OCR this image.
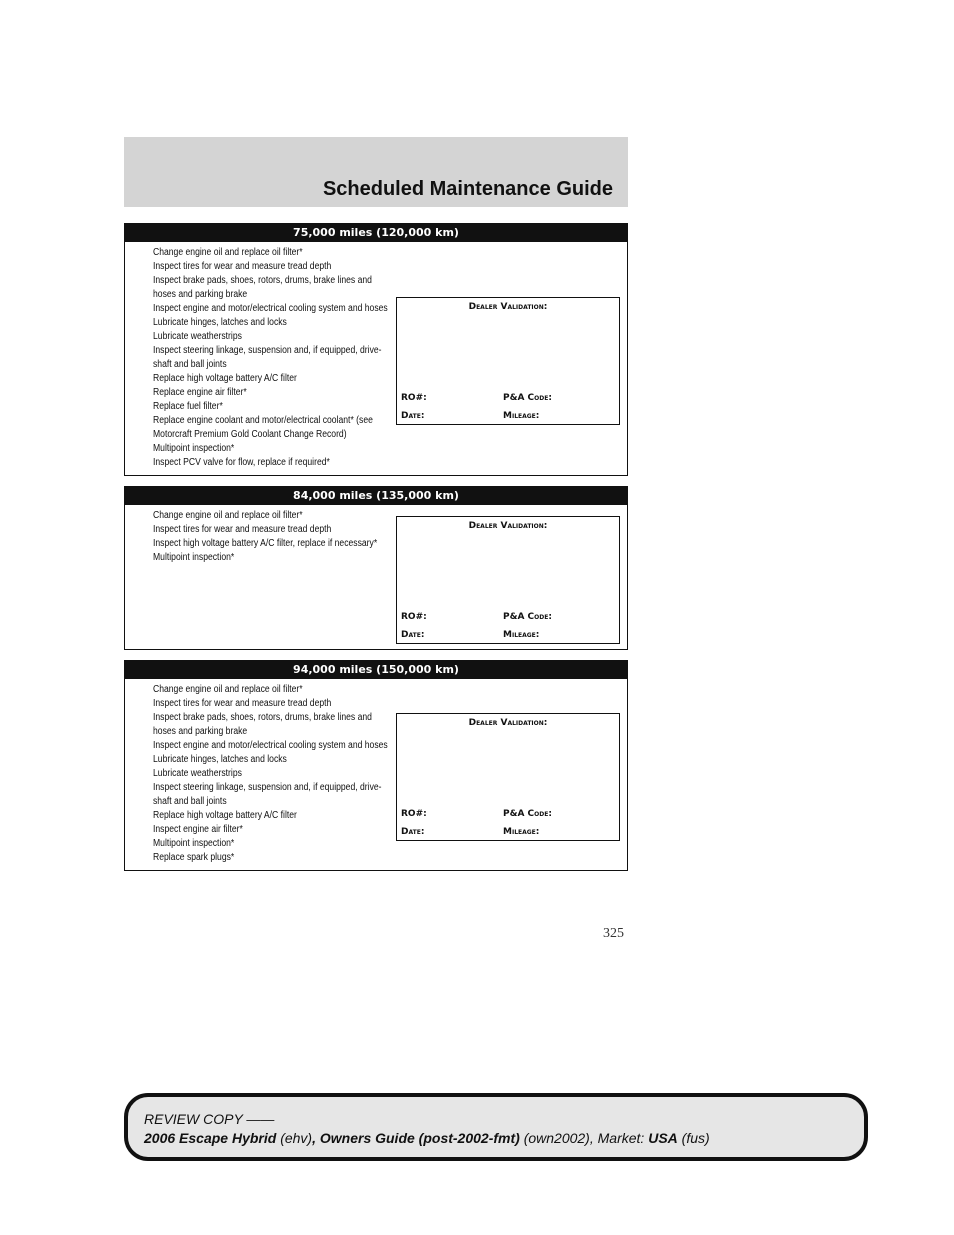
Scheduled Maintenance Guide
75,000 miles (120,000 km)
Change engine oil and replace oil filter*
Inspect tires for wear and measure tread depth
Inspect brake pads, shoes, rotors, drums, brake lines and
hoses and parking brake
Inspect engine and motor/electrical cooling system and hoses
Lubricate hinges, latches and locks
Lubricate weatherstrips
Inspect steering linkage, suspension and, if equipped, drive-
shaft and ball joints
Replace high voltage battery A/C filter
Replace engine air filter*
Replace fuel filter*
Replace engine coolant and motor/electrical coolant* (see
Motorcraft Premium Gold Coolant Change Record)
Multipoint inspection*
Inspect PCV valve for flow, replace if required*
Dealer Validation:
RO#:	P&A Code:
Date:	Mileage:
84,000 miles (135,000 km)
Change engine oil and replace oil filter*
Inspect tires for wear and measure tread depth
Inspect high voltage battery A/C filter, replace if necessary*
Multipoint inspection*
Dealer Validation:
RO#:	P&A Code:
Date:	Mileage:
94,000 miles (150,000 km)
Change engine oil and replace oil filter*
Inspect tires for wear and measure tread depth
Inspect brake pads, shoes, rotors, drums, brake lines and
hoses and parking brake
Inspect engine and motor/electrical cooling system and hoses
Lubricate hinges, latches and locks
Lubricate weatherstrips
Inspect steering linkage, suspension and, if equipped, drive-
shaft and ball joints
Replace high voltage battery A/C filter
Inspect engine air filter*
Multipoint inspection*
Replace spark plugs*
Dealer Validation:
RO#:	P&A Code:
Date:	Mileage:
325
REVIEW COPY ——
2006 Escape Hybrid (ehv), Owners Guide (post-2002-fmt) (own2002), Market: USA (fus)
